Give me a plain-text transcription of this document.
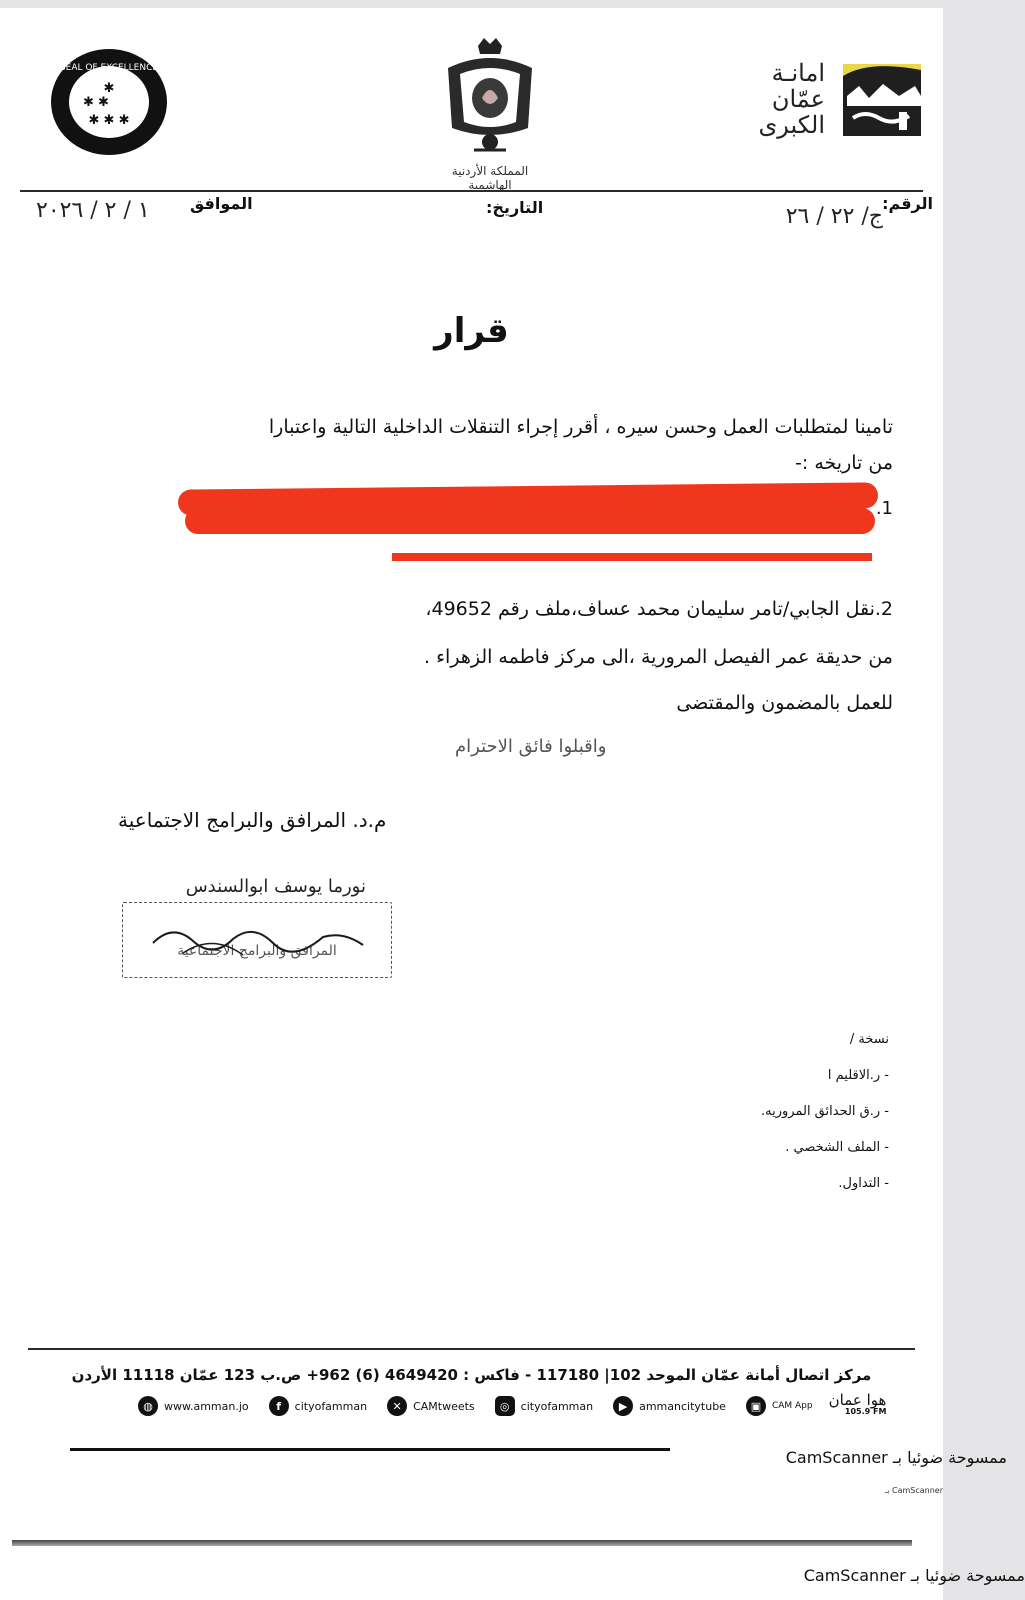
امانـة
عمّان
الكبرى
المملكة الأردنية الهاشمية
SEAL OF EXCELLENCE
✱
✱ ✱
✱ ✱ ✱
الرقم:
ج/ ٢٢ / ٢٦
التاريخ:
الموافق
١ / ٢ / ٢٠٢٦
قرار
تامينا لمتطلبات العمل وحسن سيره ، أقرر إجراء التنقلات الداخلية التالية واعتبارا
من تاريخه :-
1.
2.نقل الجابي/تامر سليمان محمد عساف،ملف رقم 49652،
من حديقة عمر الفيصل المرورية ،الى مركز فاطمه الزهراء .
للعمل بالمضمون والمقتضى
واقبلوا فائق الاحترام
م.د. المرافق والبرامج الاجتماعية
نورما يوسف ابوالسندس
المرافق والبرامج الاجتماعية
نسخة /
- ر.الاقليم ا
- ر.ق الحدائق المروريه.
- الملف الشخصي .
- التداول.
مركز اتصال أمانة عمّان الموحد 102| 117180 - فاكس : 4649420 (6) 962+ ص.ب 123 عمّان 11118 الأردن
◍	www.amman.jo	f	cityofamman	✕	CAMtweets	◎	cityofamman	▶	ammancitytube	▣	CAM App هوا عمان
105.9 FM
ممسوحة ضوئيا بـ CamScanner
CamScanner بـ
ممسوحة ضوئيا بـ CamScanner
